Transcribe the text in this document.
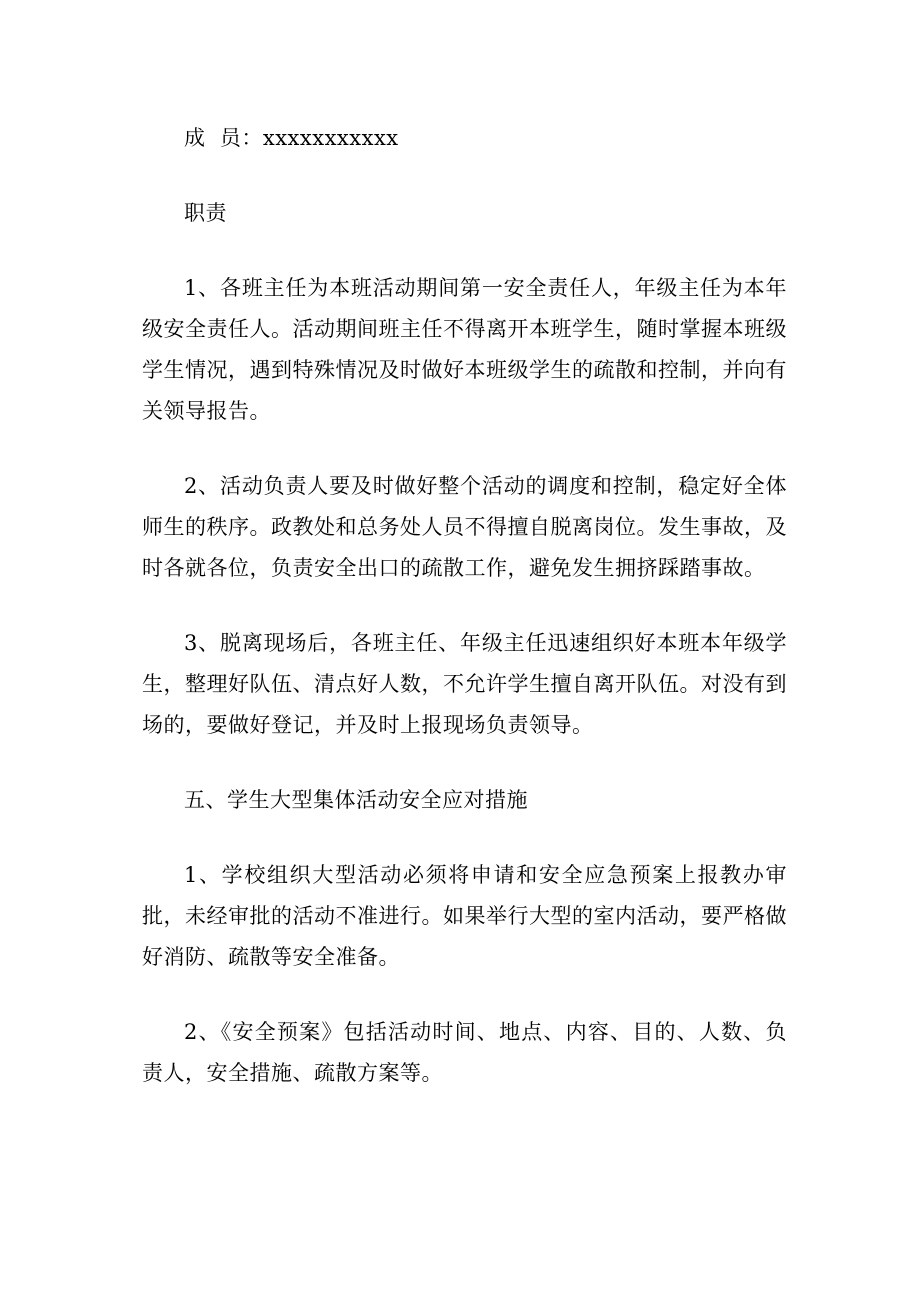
成  员：xxxxxxxxxxx

职责

1、各班主任为本班活动期间第一安全责任人，年级主任为本年级安全责任人。活动期间班主任不得离开本班学生，随时掌握本班级学生情况，遇到特殊情况及时做好本班级学生的疏散和控制，并向有关领导报告。

2、活动负责人要及时做好整个活动的调度和控制，稳定好全体师生的秩序。政教处和总务处人员不得擅自脱离岗位。发生事故，及时各就各位，负责安全出口的疏散工作，避免发生拥挤踩踏事故。

3、脱离现场后，各班主任、年级主任迅速组织好本班本年级学生，整理好队伍、清点好人数，不允许学生擅自离开队伍。对没有到场的，要做好登记，并及时上报现场负责领导。

五、学生大型集体活动安全应对措施

1、学校组织大型活动必须将申请和安全应急预案上报教办审批，未经审批的活动不准进行。如果举行大型的室内活动，要严格做好消防、疏散等安全准备。

2、《安全预案》包括活动时间、地点、内容、目的、人数、负责人，安全措施、疏散方案等。
